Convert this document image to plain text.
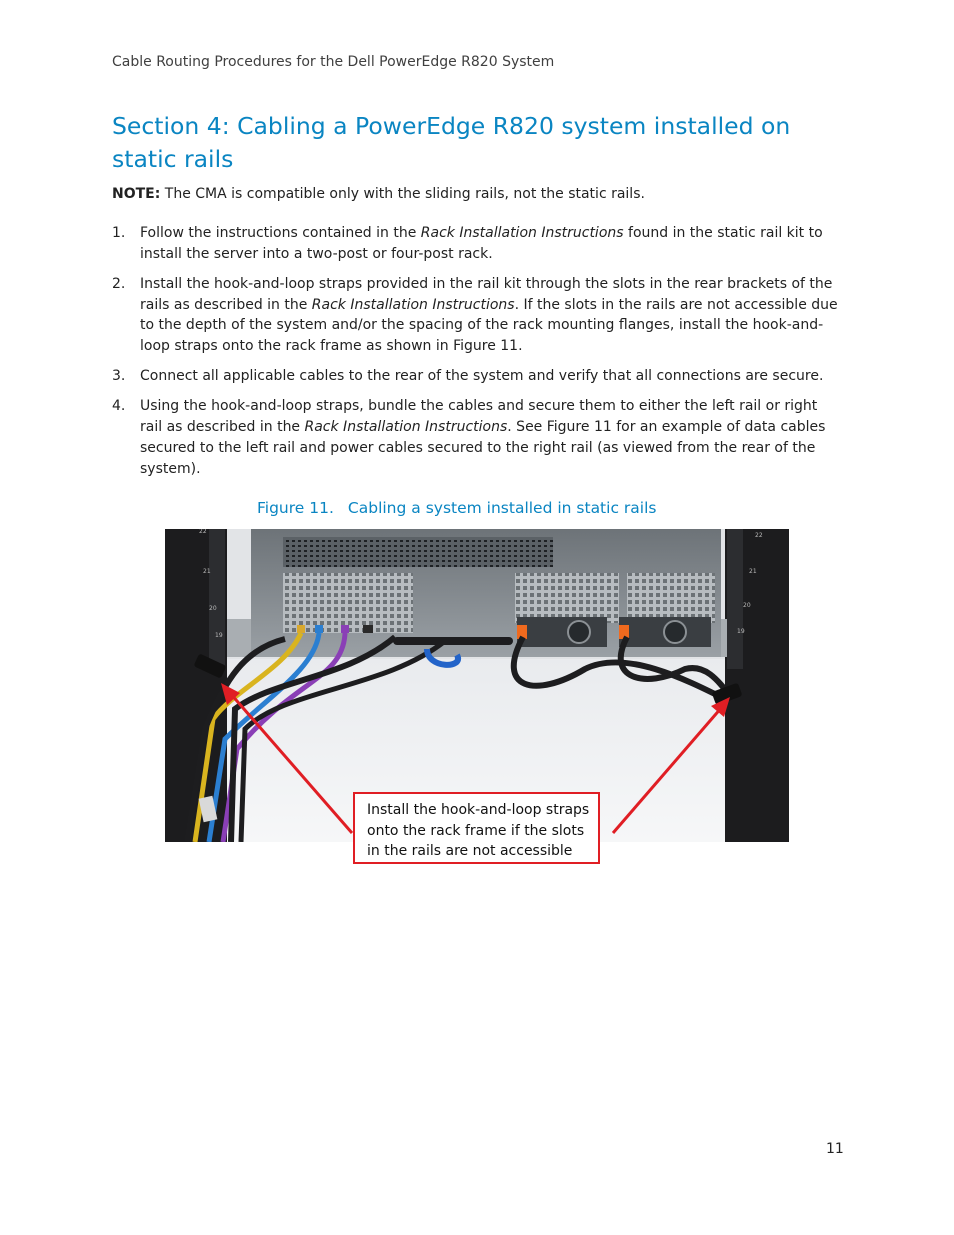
Cable Routing Procedures for the Dell PowerEdge R820 System
Section 4: Cabling a PowerEdge R820 system installed on static rails
NOTE: The CMA is compatible only with the sliding rails, not the static rails.
1. Follow the instructions contained in the Rack Installation Instructions found in the static rail kit to install the server into a two-post or four-post rack.
2. Install the hook-and-loop straps provided in the rail kit through the slots in the rear brackets of the rails as described in the Rack Installation Instructions. If the slots in the rails are not accessible due to the depth of the system and/or the spacing of the rack mounting flanges, install the hook-and-loop straps onto the rack frame as shown in Figure 11.
3. Connect all applicable cables to the rear of the system and verify that all connections are secure.
4. Using the hook-and-loop straps, bundle the cables and secure them to either the left rail or right rail as described in the Rack Installation Instructions. See Figure 11 for an example of data cables secured to the left rail and power cables secured to the right rail (as viewed from the rear of the system).
Figure 11. Cabling a system installed in static rails
22
21
20
19
22
21
20
19
Install the hook-and-loop straps onto the rack frame if the slots in the rails are not accessible
11
